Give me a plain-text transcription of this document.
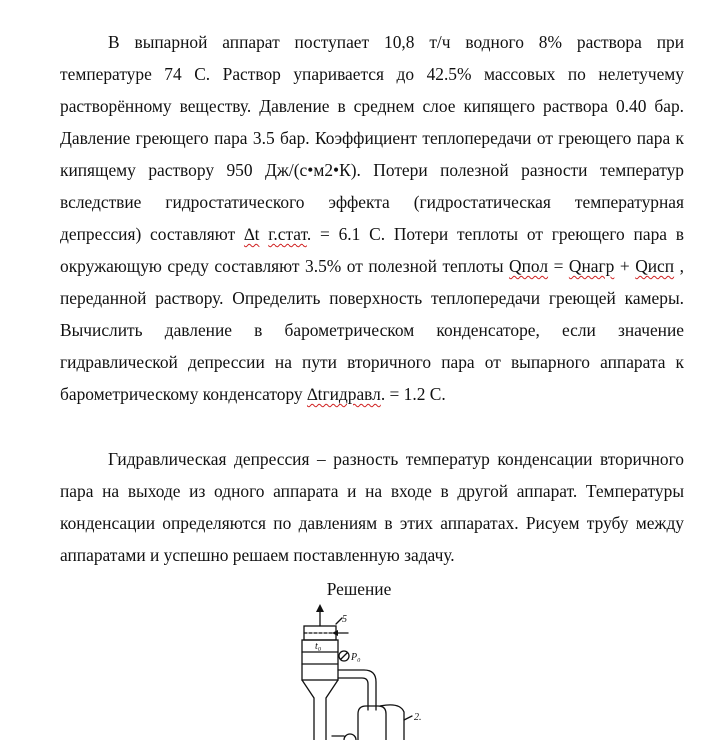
В выпарной аппарат поступает 10,8 т/ч водного 8% раствора при температуре 74 С. Раствор упаривается до 42.5% массовых по нелетучему растворённому веществу. Давление в среднем слое кипящего раствора 0.40 бар. Давление греющего пара 3.5 бар. Коэффициент теплопередачи от греющего пара к кипящему раствору 950 Дж/(с•м2•К). Потери полезной разности температур вследствие гидростатического эффекта (гидростатическая температурная депрессия) составляют ∆t г.стат. = 6.1 С. Потери теплоты от греющего пара в окружающую среду составляют 3.5% от полезной теплоты Qпол = Qнагр + Qисп , переданной раствору. Определить поверхность теплопередачи греющей камеры. Вычислить давление в барометрическом конденсаторе, если значение гидравлической депрессии на пути вторичного пара от выпарного аппарата к барометрическому конденсатору ∆tгидравл. = 1.2 С.

Гидравлическая депрессия – разность температур конденсации вторичного пара на выходе из одного аппарата и на входе в другой аппарат. Температуры конденсации определяются по давлениям в этих аппаратах. Рисуем трубу между аппаратами и успешно решаем поставленную задачу.

Решение

5
P₀
t₀
2.
